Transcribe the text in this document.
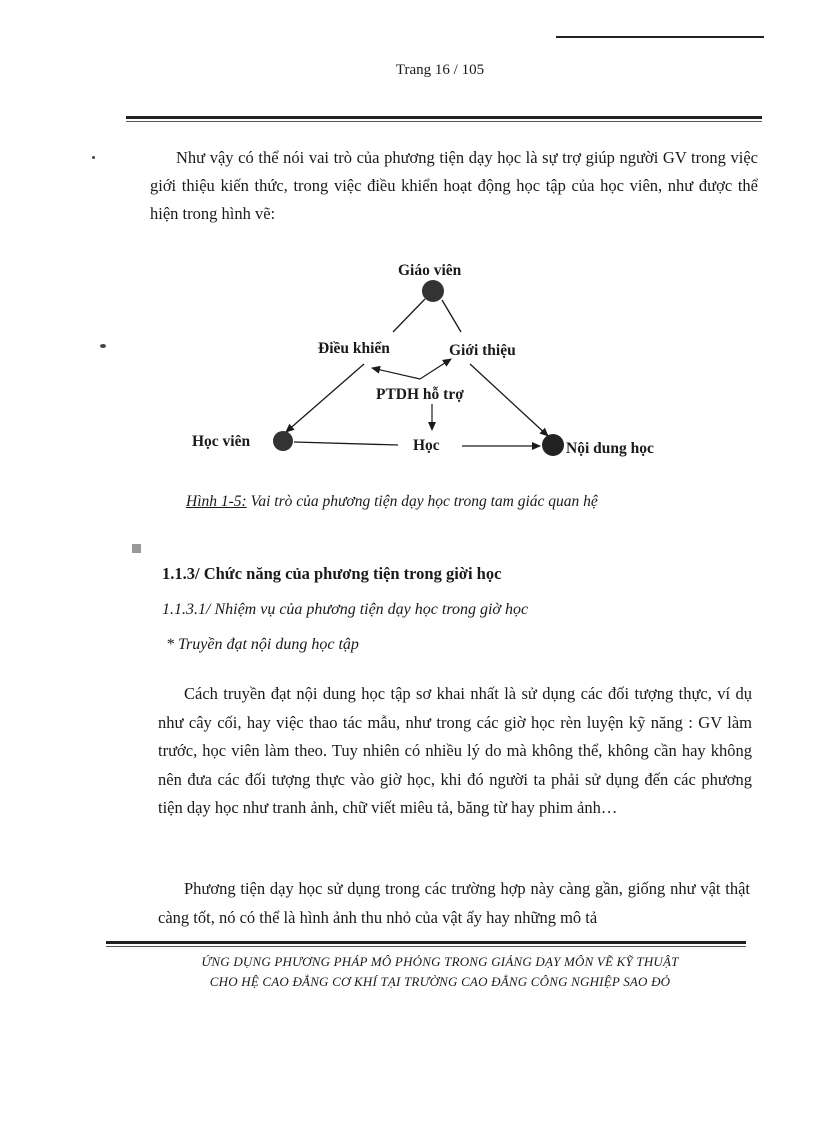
Trang 16 / 105
Như vậy có thể nói vai trò của phương tiện dạy học là sự trợ giúp người GV trong việc giới thiệu kiến thức, trong việc điều khiển hoạt động học tập của học viên, như được thể hiện trong hình vẽ:
Giáo viên
Điều khiển	Giới thiệu
PTDH hỗ trợ
Học viên	Học	Nội dung học
Hình 1-5: Vai trò của phương tiện dạy học trong tam giác quan hệ
1.1.3/ Chức năng của phương tiện trong giời học
1.1.3.1/ Nhiệm vụ của phương tiện dạy học trong giờ học
* Truyền đạt nội dung học tập
Cách truyền đạt nội dung học tập sơ khai nhất là sử dụng các đối tượng thực, ví dụ như cây cối, hay việc thao tác mẫu, như trong các giờ học rèn luyện kỹ năng : GV làm trước, học viên làm theo. Tuy nhiên có nhiều lý do mà không thể, không cần hay không nên đưa các đối tượng thực vào giờ học, khi đó người ta phải sử dụng đến các phương tiện dạy học như tranh ảnh, chữ viết miêu tả, băng từ hay phim ảnh…
Phương tiện dạy học sử dụng trong các trường hợp này càng gần, giống như vật thật càng tốt, nó có thể là hình ảnh thu nhỏ của vật ấy hay những mô tả
ỨNG DỤNG PHƯƠNG PHÁP MÔ PHỎNG TRONG GIẢNG DẠY MÔN VẼ KỸ THUẬT
CHO HỆ CAO ĐẲNG CƠ KHÍ TẠI TRƯỜNG CAO ĐẲNG CÔNG NGHIỆP SAO ĐỎ
